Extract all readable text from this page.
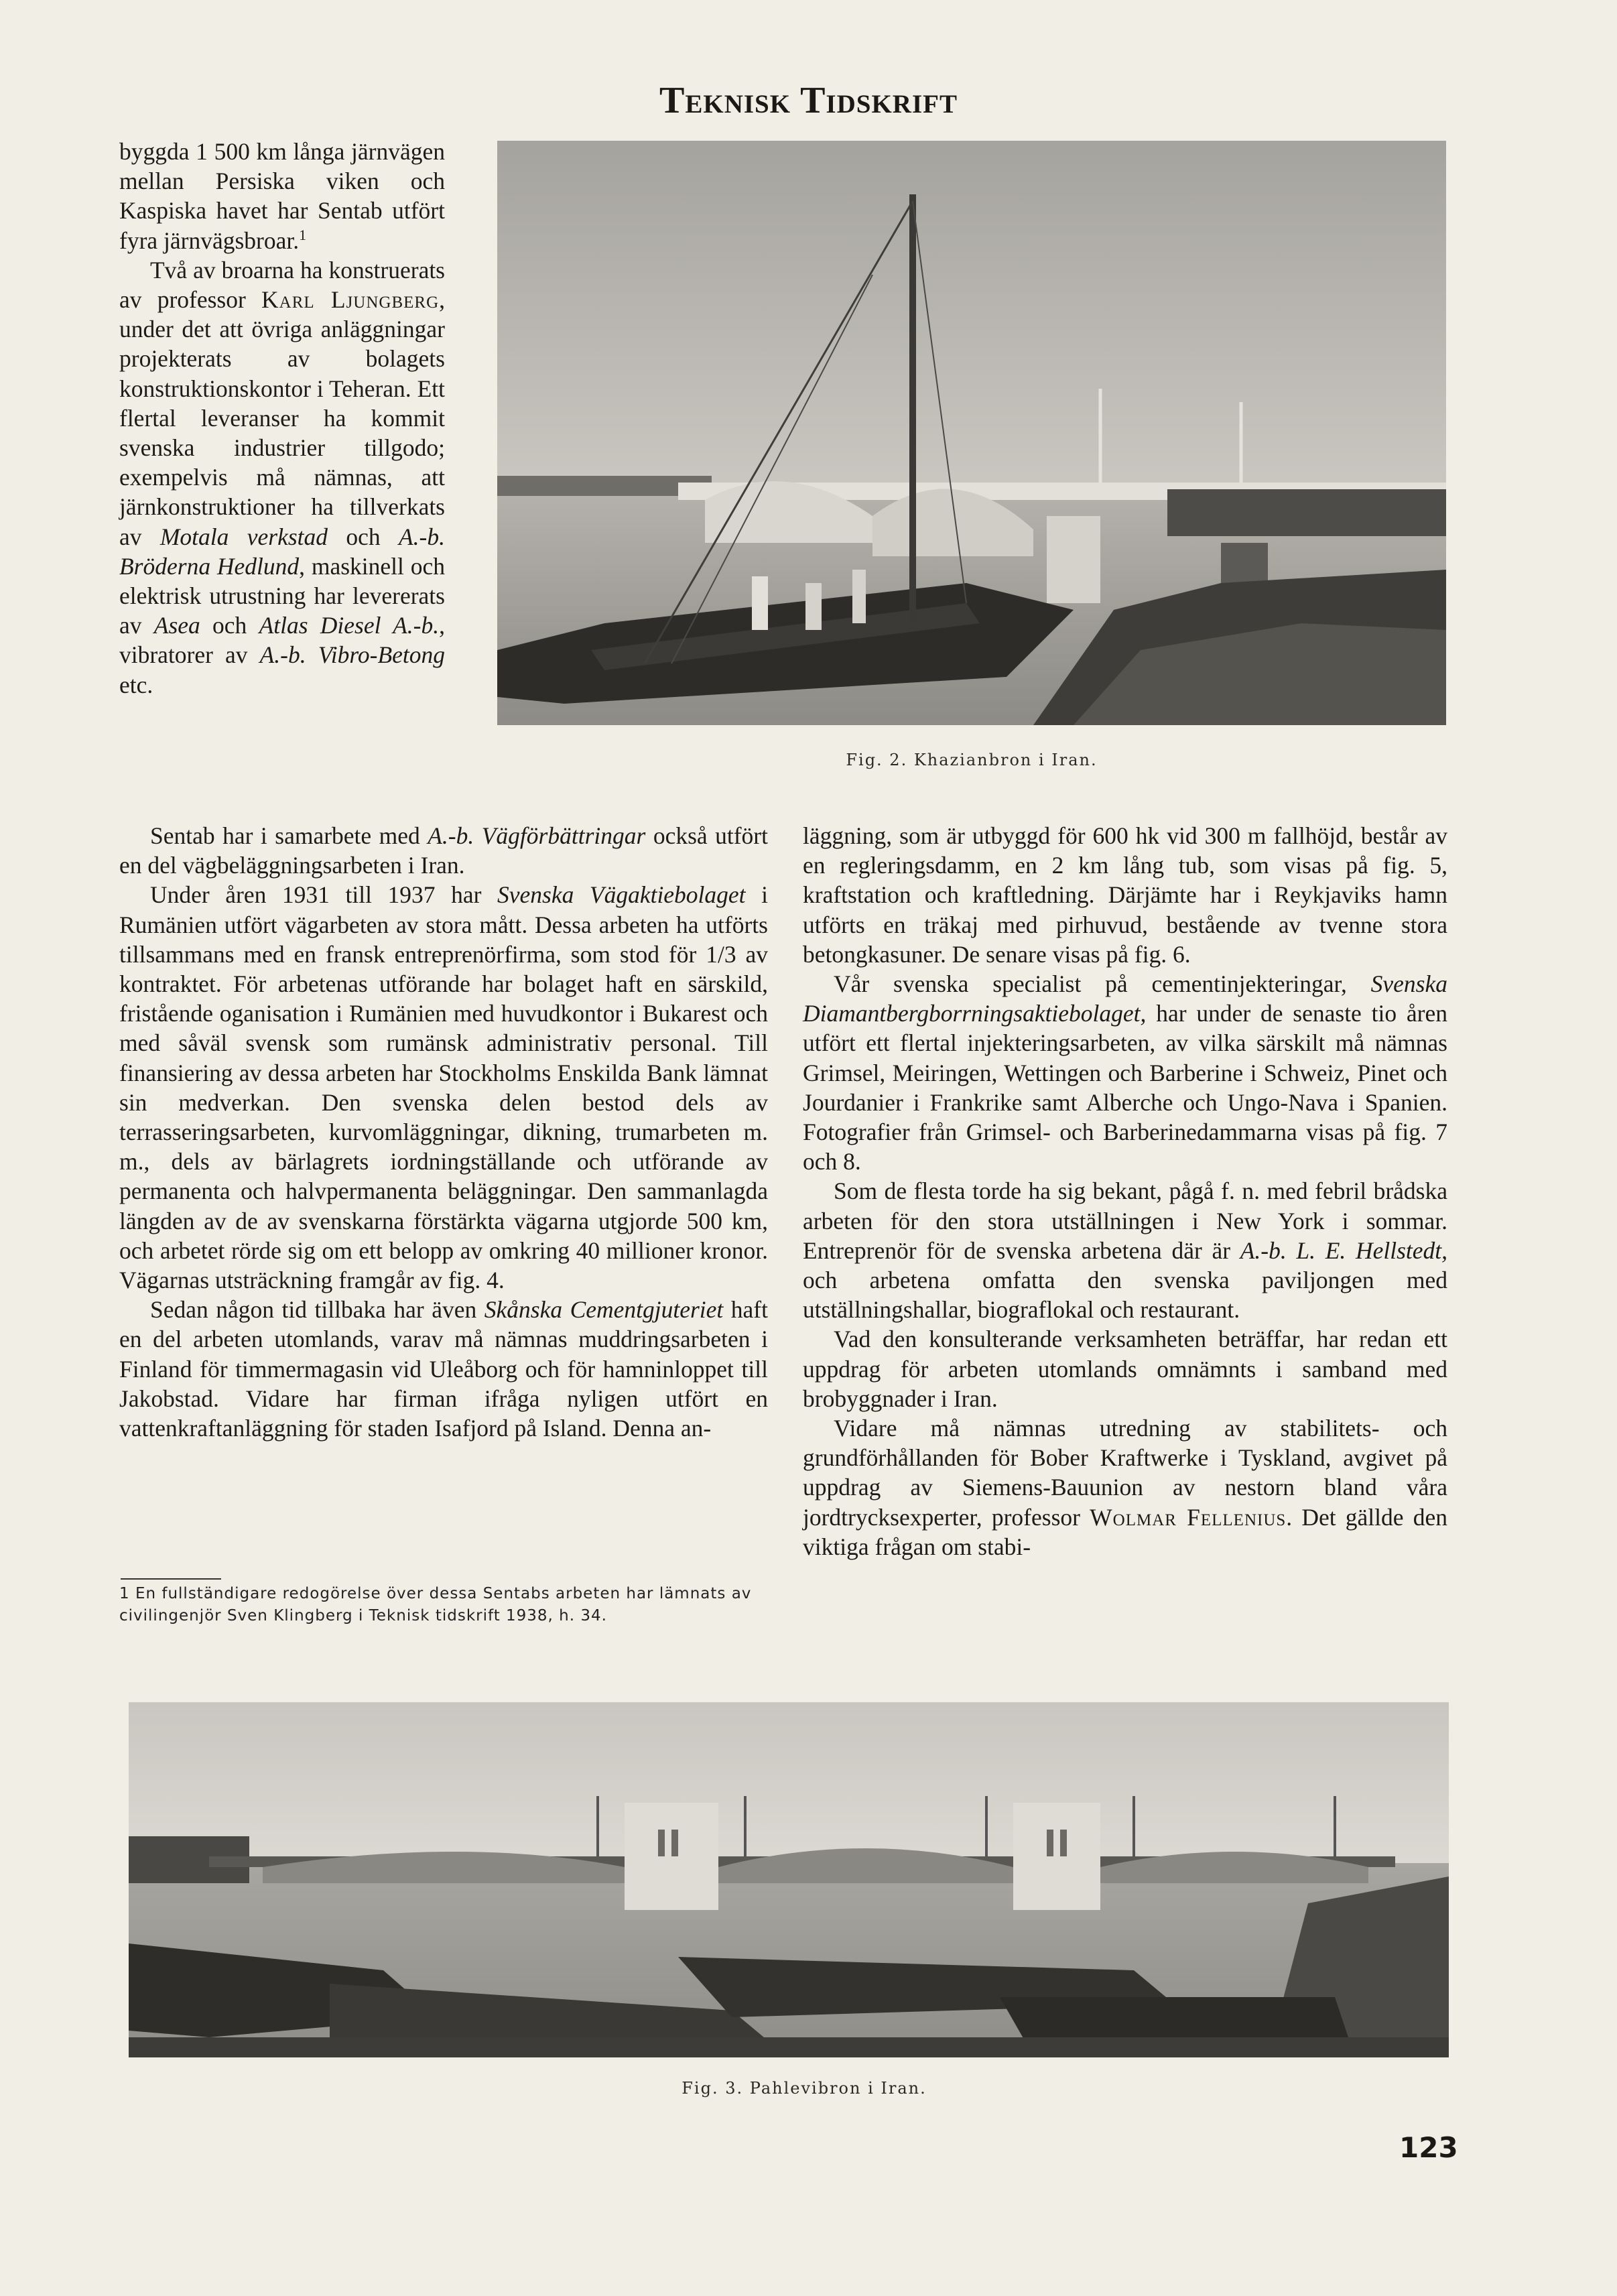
Teknisk Tidskrift

byggda 1 500 km långa järnvägen mellan Persiska viken och Kaspiska havet har Sentab utfört fyra järnvägsbroar.$^1$

Två av broarna ha konstruerats av professor Karl Ljungberg, under det att övriga anläggningar projekterats av bolagets konstruktionskontor i Teheran. Ett flertal leveranser ha kommit svenska industrier tillgodo; exempelvis må nämnas, att järnkonstruktioner ha tillverkats av Motala verkstad och A.-b. Bröderna Hedlund, maskinell och elektrisk utrustning har levererats av Asea och Atlas Diesel A.-b., vibratorer av A.-b. Vibro-Betong etc.

Fig. 2. Khazianbron i Iran.

Sentab har i samarbete med A.-b. Vägförbättringar också utfört en del vägbeläggningsarbeten i Iran.

Under åren 1931 till 1937 har Svenska Vägaktiebolaget i Rumänien utfört vägarbeten av stora mått. Dessa arbeten ha utförts tillsammans med en fransk entreprenörfirma, som stod för 1/3 av kontraktet. För arbetenas utförande har bolaget haft en särskild, fristående oganisation i Rumänien med huvudkontor i Bukarest och med såväl svensk som rumänsk administrativ personal. Till finansiering av dessa arbeten har Stockholms Enskilda Bank lämnat sin medverkan. Den svenska delen bestod dels av terrasseringsarbeten, kurvomläggningar, dikning, trumarbeten m. m., dels av bärlagrets iordningställande och utförande av permanenta och halvpermanenta beläggningar. Den sammanlagda längden av de av svenskarna förstärkta vägarna utgjorde 500 km, och arbetet rörde sig om ett belopp av omkring 40 millioner kronor. Vägarnas utsträckning framgår av fig. 4.

Sedan någon tid tillbaka har även Skånska Cementgjuteriet haft en del arbeten utomlands, varav må nämnas muddringsarbeten i Finland för timmermagasin vid Uleåborg och för hamninloppet till Jakobstad. Vidare har firman ifråga nyligen utfört en vattenkraftanläggning för staden Isafjord på Island. Denna an-

1 En fullständigare redogörelse över dessa Sentabs arbeten har lämnats av civilingenjör Sven Klingberg i Teknisk tidskrift 1938, h. 34.

läggning, som är utbyggd för 600 hk vid 300 m fallhöjd, består av en regleringsdamm, en 2 km lång tub, som visas på fig. 5, kraftstation och kraftledning. Därjämte har i Reykjaviks hamn utförts en träkaj med pirhuvud, bestående av tvenne stora betongkasuner. De senare visas på fig. 6.

Vår svenska specialist på cementinjekteringar, Svenska Diamantbergborrningsaktiebolaget, har under de senaste tio åren utfört ett flertal injekteringsarbeten, av vilka särskilt må nämnas Grimsel, Meiringen, Wettingen och Barberine i Schweiz, Pinet och Jourdanier i Frankrike samt Alberche och Ungo-Nava i Spanien. Fotografier från Grimsel- och Barberinedammarna visas på fig. 7 och 8.

Som de flesta torde ha sig bekant, pågå f. n. med febril brådska arbeten för den stora utställningen i New York i sommar. Entreprenör för de svenska arbetena där är A.-b. L. E. Hellstedt, och arbetena omfatta den svenska paviljongen med utställningshallar, biograflokal och restaurant.

Vad den konsulterande verksamheten beträffar, har redan ett uppdrag för arbeten utomlands omnämnts i samband med brobyggnader i Iran.

Vidare må nämnas utredning av stabilitets- och grundförhållanden för Bober Kraftwerke i Tyskland, avgivet på uppdrag av Siemens-Bauunion av nestorn bland våra jordtrycksexperter, professor Wolmar Fellenius. Det gällde den viktiga frågan om stabi-

Fig. 3. Pahlevibron i Iran.
123
